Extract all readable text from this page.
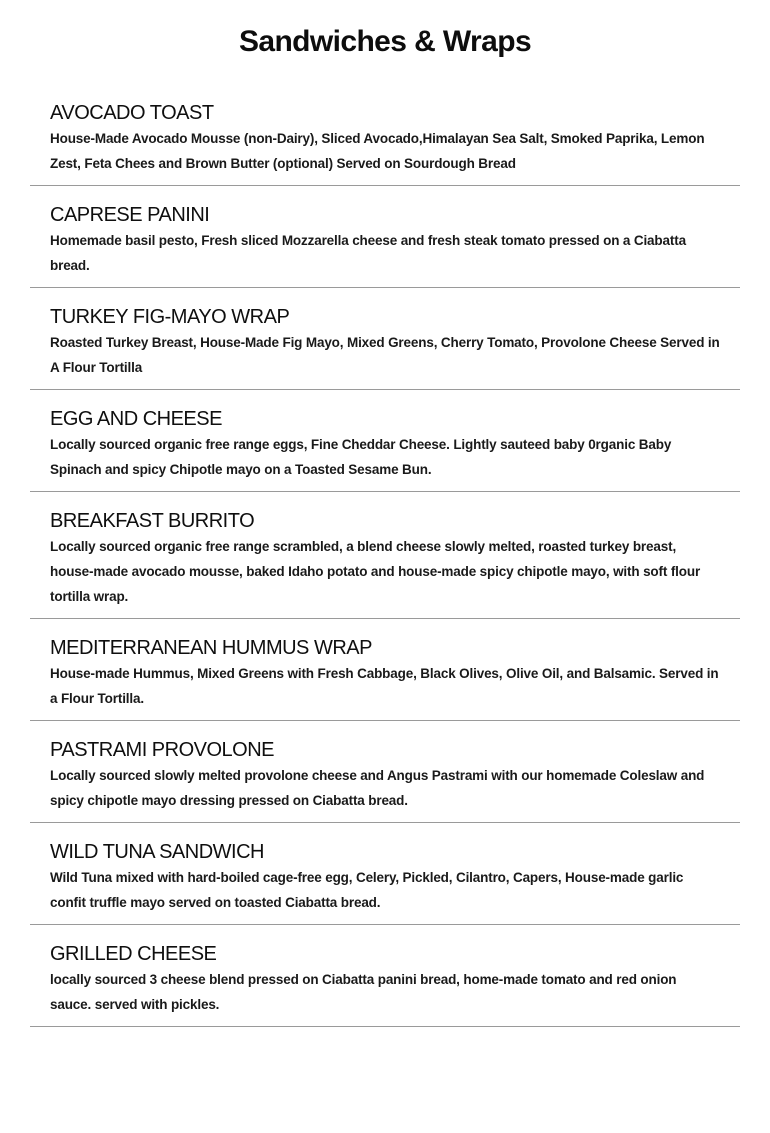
Sandwiches & Wraps
AVOCADO TOAST

House-Made Avocado Mousse (non-Dairy), Sliced Avocado,Himalayan Sea Salt, Smoked Paprika, Lemon Zest, Feta Chees and Brown Butter (optional) Served on Sourdough Bread

CAPRESE PANINI

Homemade basil pesto, Fresh sliced Mozzarella cheese and fresh steak tomato pressed on a Ciabatta bread.

TURKEY FIG-MAYO WRAP

Roasted Turkey Breast, House-Made Fig Mayo, Mixed Greens, Cherry Tomato, Provolone Cheese Served in A Flour Tortilla

EGG AND CHEESE

Locally sourced organic free range eggs, Fine Cheddar Cheese. Lightly sauteed baby 0rganic Baby Spinach and spicy Chipotle mayo on a Toasted Sesame Bun.

BREAKFAST BURRITO

Locally sourced organic free range scrambled, a blend cheese slowly melted, roasted turkey breast, house-made avocado mousse, baked Idaho potato and house-made spicy chipotle mayo, with soft flour tortilla wrap.

MEDITERRANEAN HUMMUS WRAP

House-made Hummus, Mixed Greens with Fresh Cabbage, Black Olives, Olive Oil, and Balsamic. Served in a Flour Tortilla.

PASTRAMI PROVOLONE

Locally sourced slowly melted provolone cheese and Angus Pastrami with our homemade Coleslaw and spicy chipotle mayo dressing pressed on Ciabatta bread.

WILD TUNA SANDWICH

Wild Tuna mixed with hard-boiled cage-free egg, Celery, Pickled, Cilantro, Capers, House-made garlic confit truffle mayo served on toasted Ciabatta bread.

GRILLED CHEESE

locally sourced 3 cheese blend pressed on Ciabatta panini bread, home-made tomato and red onion sauce. served with pickles.
